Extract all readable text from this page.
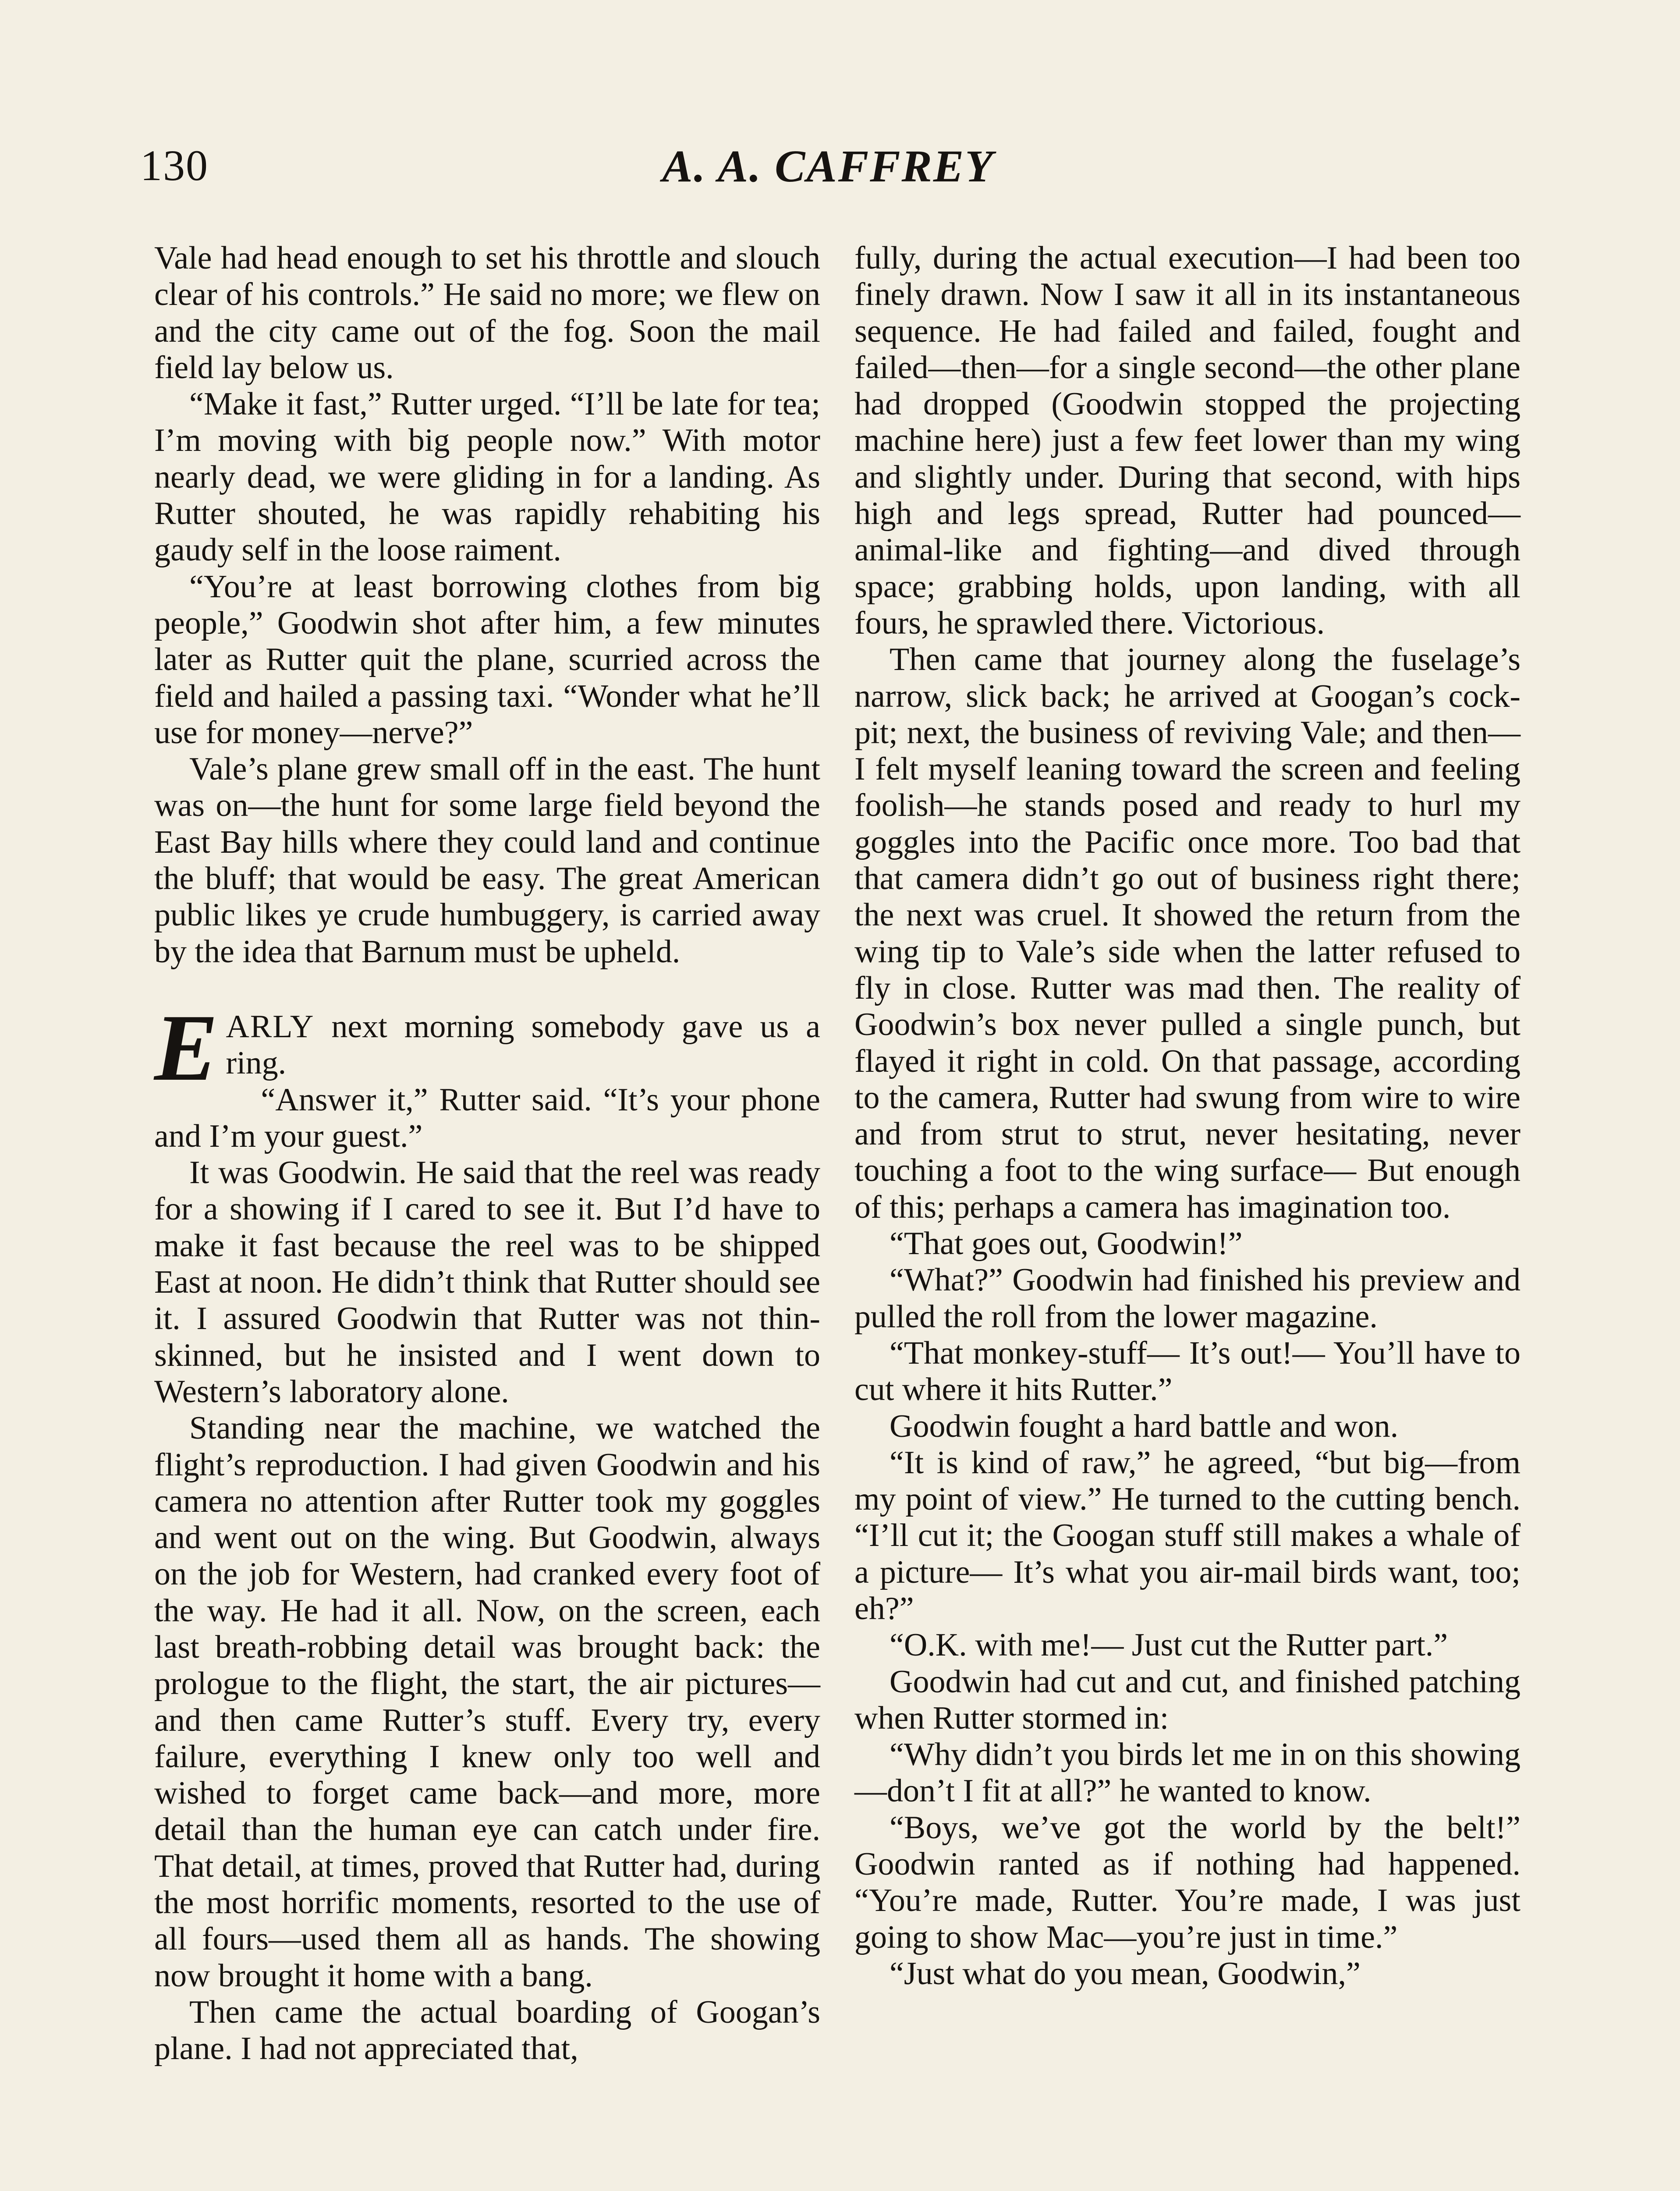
130	A. A. CAFFREY

Vale had head enough to set his throttle and slouch clear of his controls.” He said no more; we flew on and the city came out of the fog. Soon the mail field lay below us.

“Make it fast,” Rutter urged. “I’ll be late for tea; I’m moving with big people now.” With motor nearly dead, we were gliding in for a landing. As Rutter shouted, he was rapidly rehabiting his gaudy self in the loose raiment.

“You’re at least borrowing clothes from big people,” Goodwin shot after him, a few minutes later as Rutter quit the plane, scurried across the field and hailed a passing taxi. “Wonder what he’ll use for money—nerve?”

Vale’s plane grew small off in the east. The hunt was on—the hunt for some large field beyond the East Bay hills where they could land and continue the bluff; that would be easy. The great American public likes ye crude humbuggery, is carried away by the idea that Barnum must be upheld.

EARLY next morning somebody gave us a ring.

“Answer it,” Rutter said. “It’s your phone and I’m your guest.”

It was Goodwin. He said that the reel was ready for a showing if I cared to see it. But I’d have to make it fast because the reel was to be shipped East at noon. He didn’t think that Rutter should see it. I assured Goodwin that Rutter was not thin-skinned, but he insisted and I went down to Western’s laboratory alone.

Standing near the machine, we watched the flight’s reproduction. I had given Goodwin and his camera no attention after Rutter took my goggles and went out on the wing. But Goodwin, always on the job for Western, had cranked every foot of the way. He had it all. Now, on the screen, each last breath-robbing detail was brought back: the prologue to the flight, the start, the air pictures—and then came Rutter’s stuff. Every try, every failure, everything I knew only too well and wished to forget came back—and more, more detail than the human eye can catch under fire. That detail, at times, proved that Rutter had, during the most horrific moments, resorted to the use of all fours—used them all as hands. The showing now brought it home with a bang.

Then came the actual boarding of Googan’s plane. I had not appreciated that,

fully, during the actual execution—I had been too finely drawn. Now I saw it all in its instantaneous sequence. He had failed and failed, fought and failed—then—for a single second—the other plane had dropped (Goodwin stopped the projecting machine here) just a few feet lower than my wing and slightly under. During that second, with hips high and legs spread, Rutter had pounced—animal-like and fighting—and dived through space; grabbing holds, upon landing, with all fours, he sprawled there. Victorious.

Then came that journey along the fuselage’s narrow, slick back; he arrived at Googan’s cock-pit; next, the business of reviving Vale; and then—I felt myself leaning toward the screen and feeling foolish—he stands posed and ready to hurl my goggles into the Pacific once more. Too bad that that camera didn’t go out of business right there; the next was cruel. It showed the return from the wing tip to Vale’s side when the latter refused to fly in close. Rutter was mad then. The reality of Goodwin’s box never pulled a single punch, but flayed it right in cold. On that passage, according to the camera, Rutter had swung from wire to wire and from strut to strut, never hesitating, never touching a foot to the wing surface— But enough of this; perhaps a camera has imagination too.

“That goes out, Goodwin!”

“What?” Goodwin had finished his preview and pulled the roll from the lower magazine.

“That monkey-stuff— It’s out!— You’ll have to cut where it hits Rutter.”

Goodwin fought a hard battle and won.

“It is kind of raw,” he agreed, “but big—from my point of view.” He turned to the cutting bench. “I’ll cut it; the Googan stuff still makes a whale of a picture— It’s what you air-mail birds want, too; eh?”

“O.K. with me!— Just cut the Rutter part.”

Goodwin had cut and cut, and finished patching when Rutter stormed in:

“Why didn’t you birds let me in on this showing—don’t I fit at all?” he wanted to know.

“Boys, we’ve got the world by the belt!” Goodwin ranted as if nothing had happened. “You’re made, Rutter. You’re made, I was just going to show Mac—you’re just in time.”

“Just what do you mean, Goodwin,”
